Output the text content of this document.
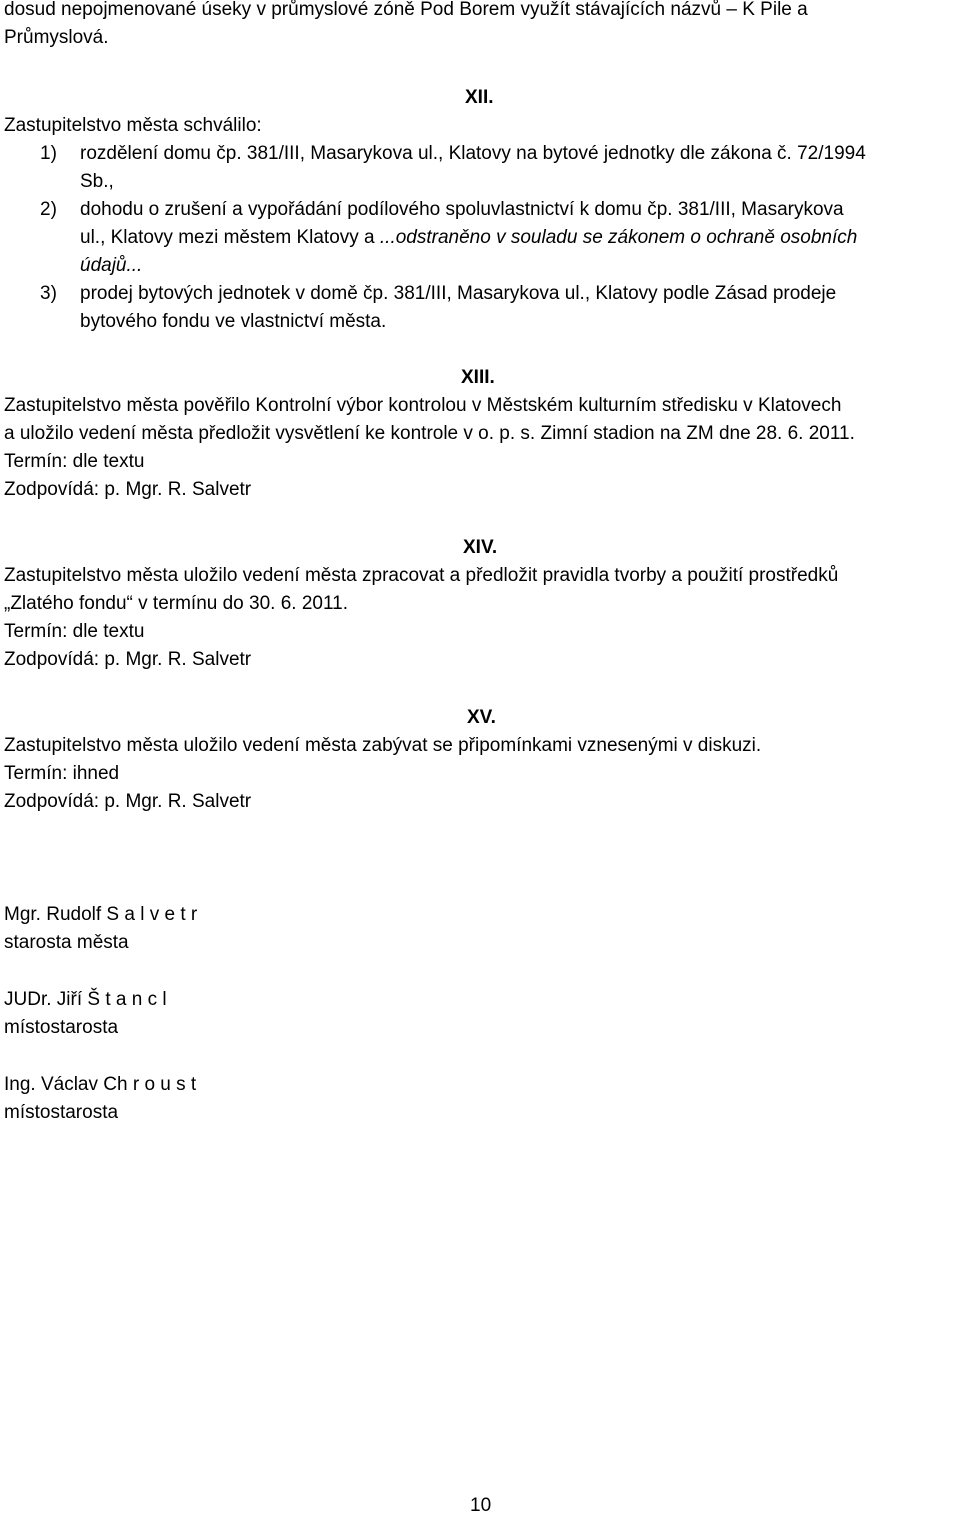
dosud nepojmenované úseky v průmyslové zóně Pod Borem využít stávajících názvů – K Pile a
Průmyslová.
XII.
Zastupitelstvo města schválilo:
1) rozdělení domu čp. 381/III, Masarykova ul., Klatovy na bytové jednotky dle zákona č. 72/1994
Sb.,
2) dohodu o zrušení a vypořádání podílového spoluvlastnictví k domu čp. 381/III, Masarykova
ul., Klatovy mezi městem Klatovy a ...odstraněno v souladu se zákonem o ochraně osobních
údajů...
3) prodej bytových jednotek v domě čp. 381/III, Masarykova ul., Klatovy podle Zásad prodeje
bytového fondu ve vlastnictví města.
XIII.
Zastupitelstvo města pověřilo Kontrolní výbor kontrolou v Městském kulturním středisku v Klatovech
a uložilo vedení města předložit vysvětlení ke kontrole v o. p. s. Zimní stadion na ZM dne 28. 6. 2011.
Termín: dle textu
Zodpovídá: p. Mgr. R. Salvetr
XIV.
Zastupitelstvo města uložilo vedení města zpracovat a předložit pravidla tvorby a použití prostředků
„Zlatého fondu“ v termínu do 30. 6. 2011.
Termín: dle textu
Zodpovídá: p. Mgr. R. Salvetr
XV.
Zastupitelstvo města uložilo vedení města zabývat se připomínkami vznesenými v diskuzi.
Termín: ihned
Zodpovídá: p. Mgr. R. Salvetr
Mgr. Rudolf S a l v e t r
starosta města
JUDr. Jiří Š t a n c l
místostarosta
Ing. Václav Ch r o u s t
místostarosta
10
